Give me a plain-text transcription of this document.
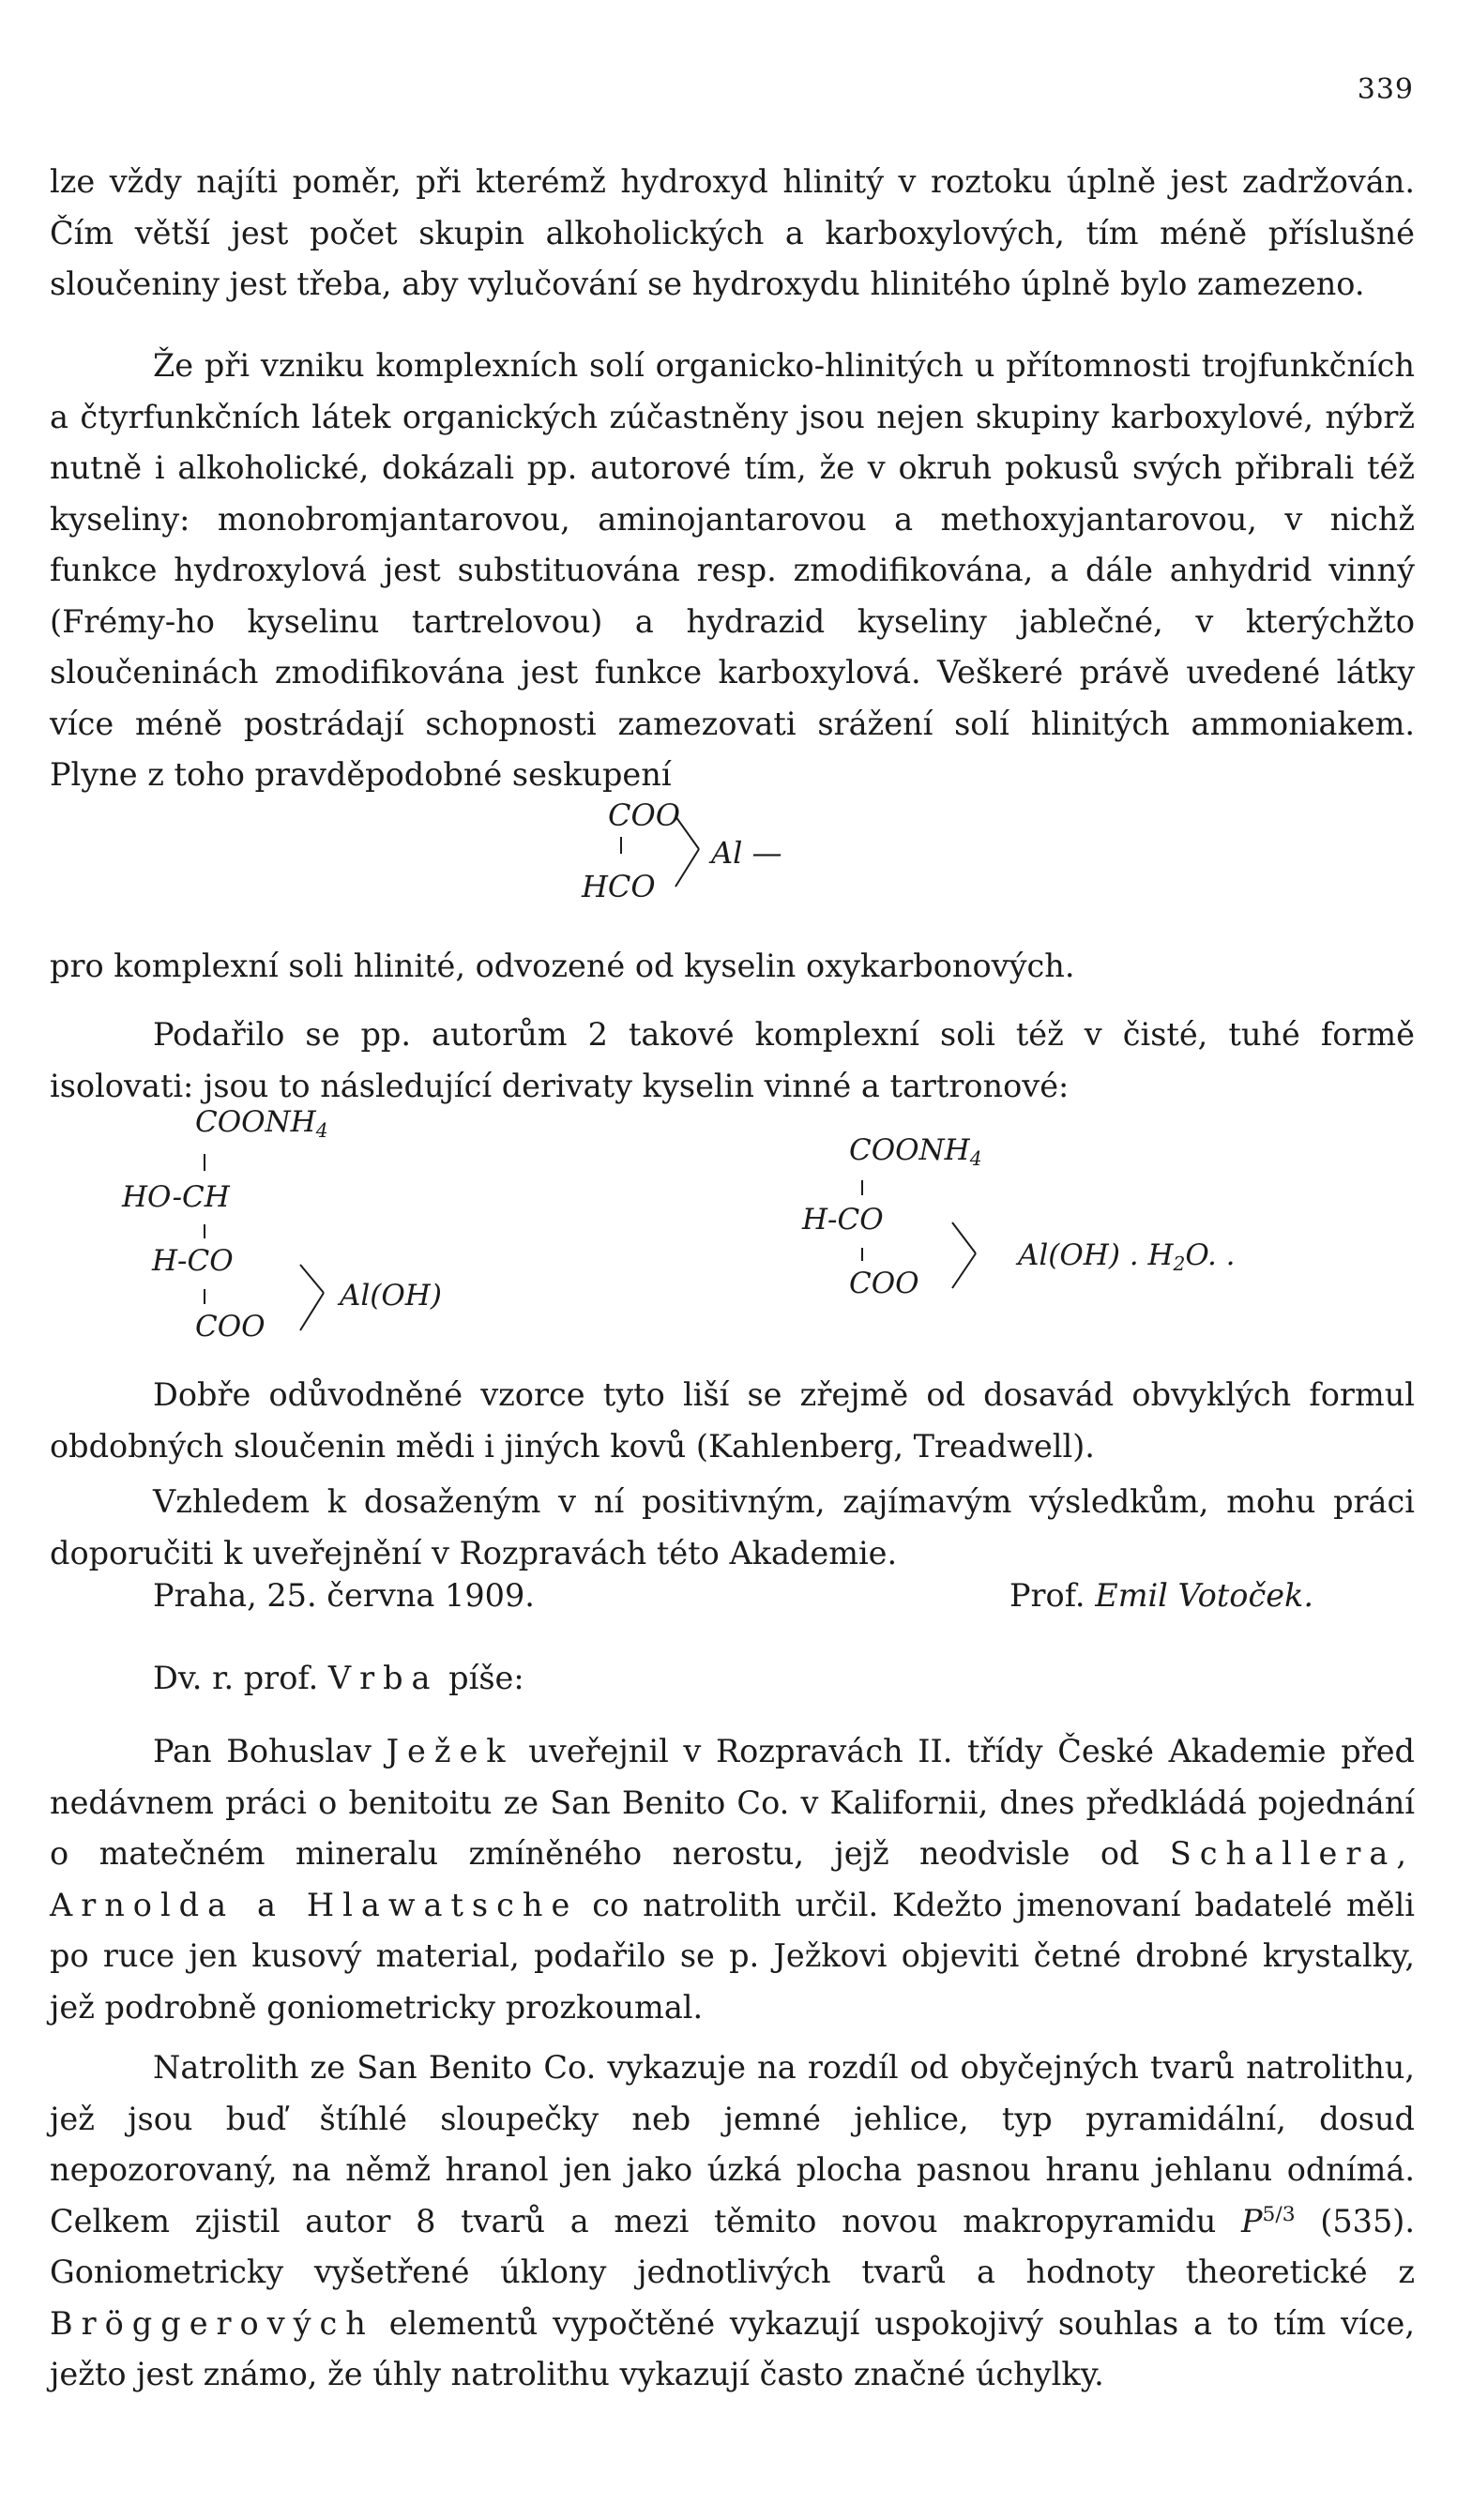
339

lze vždy najíti poměr, při kterémž hydroxyd hlinitý v roztoku úplně jest zadržován. Čím větší jest počet skupin alkoholických a karboxylových, tím méně příslušné sloučeniny jest třeba, aby vylučování se hydroxydu hlinitého úplně bylo zamezeno.

Že při vzniku komplexních solí organicko-hlinitých u přítomnosti trojfunkčních a čtyrfunkčních látek organických zúčastněny jsou nejen skupiny karboxylové, nýbrž nutně i alkoholické, dokázali pp. autorové tím, že v okruh pokusů svých přibrali též kyseliny: monobromjantarovou, aminojantarovou a methoxyjantarovou, v nichž funkce hydroxylová jest substituována resp. zmodifikována, a dále anhydrid vinný (Frémy-ho kyselinu tartrelovou) a hydrazid kyseliny jablečné, v kterýchžto sloučeninách zmodifikována jest funkce karboxylová. Veškeré právě uvedené látky více méně postrádají schopnosti zamezovati srážení solí hlinitých ammoniakem. Plyne z toho pravděpodobné seskupení

COO
HCO
Al —

pro komplexní soli hlinité, odvozené od kyselin oxykarbonových.

Podařilo se pp. autorům 2 takové komplexní soli též v čisté, tuhé formě isolovati: jsou to následující derivaty kyselin vinné a tartronové:

$COONH_4$
HO-CH
H-CO
COO
Al(OH)
$COONH_4$
H-CO
COO
Al(OH) . $H_2O$. .

Dobře odůvodněné vzorce tyto liší se zřejmě od dosavád obvyklých formul obdobných sloučenin mědi i jiných kovů (Kahlenberg, Treadwell).

Vzhledem k dosaženým v ní positivným, zajímavým výsledkům, mohu práci doporučiti k uveřejnění v Rozpravách této Akademie.

Praha, 25. června 1909.	Prof. Emil Votoček.

Dv. r. prof. Vrba píše:

Pan Bohuslav Ježek uveřejnil v Rozpravách II. třídy České Akademie před nedávnem práci o benitoitu ze San Benito Co. v Kalifornii, dnes předkládá pojednání o matečném mineralu zmíněného nerostu, jejž neodvisle od Schallera, Arnolda a Hlawatsche co natrolith určil. Kdežto jmenovaní badatelé měli po ruce jen kusový material, podařilo se p. Ježkovi objeviti četné drobné krystalky, jež podrobně goniometricky prozkoumal.

Natrolith ze San Benito Co. vykazuje na rozdíl od obyčejných tvarů natrolithu, jež jsou buď štíhlé sloupečky neb jemné jehlice, typ pyramidální, dosud nepozorovaný, na němž hranol jen jako úzká plocha pasnou hranu jehlanu odnímá. Celkem zjistil autor 8 tvarů a mezi těmito novou makropyramidu $P^{5/3}$ (535). Goniometricky vyšetřené úklony jednotlivých tvarů a hodnoty theoretické z Bröggerových elementů vypočtěné vykazují uspokojivý souhlas a to tím více, ježto jest známo, že úhly natrolithu vykazují často značné úchylky.
